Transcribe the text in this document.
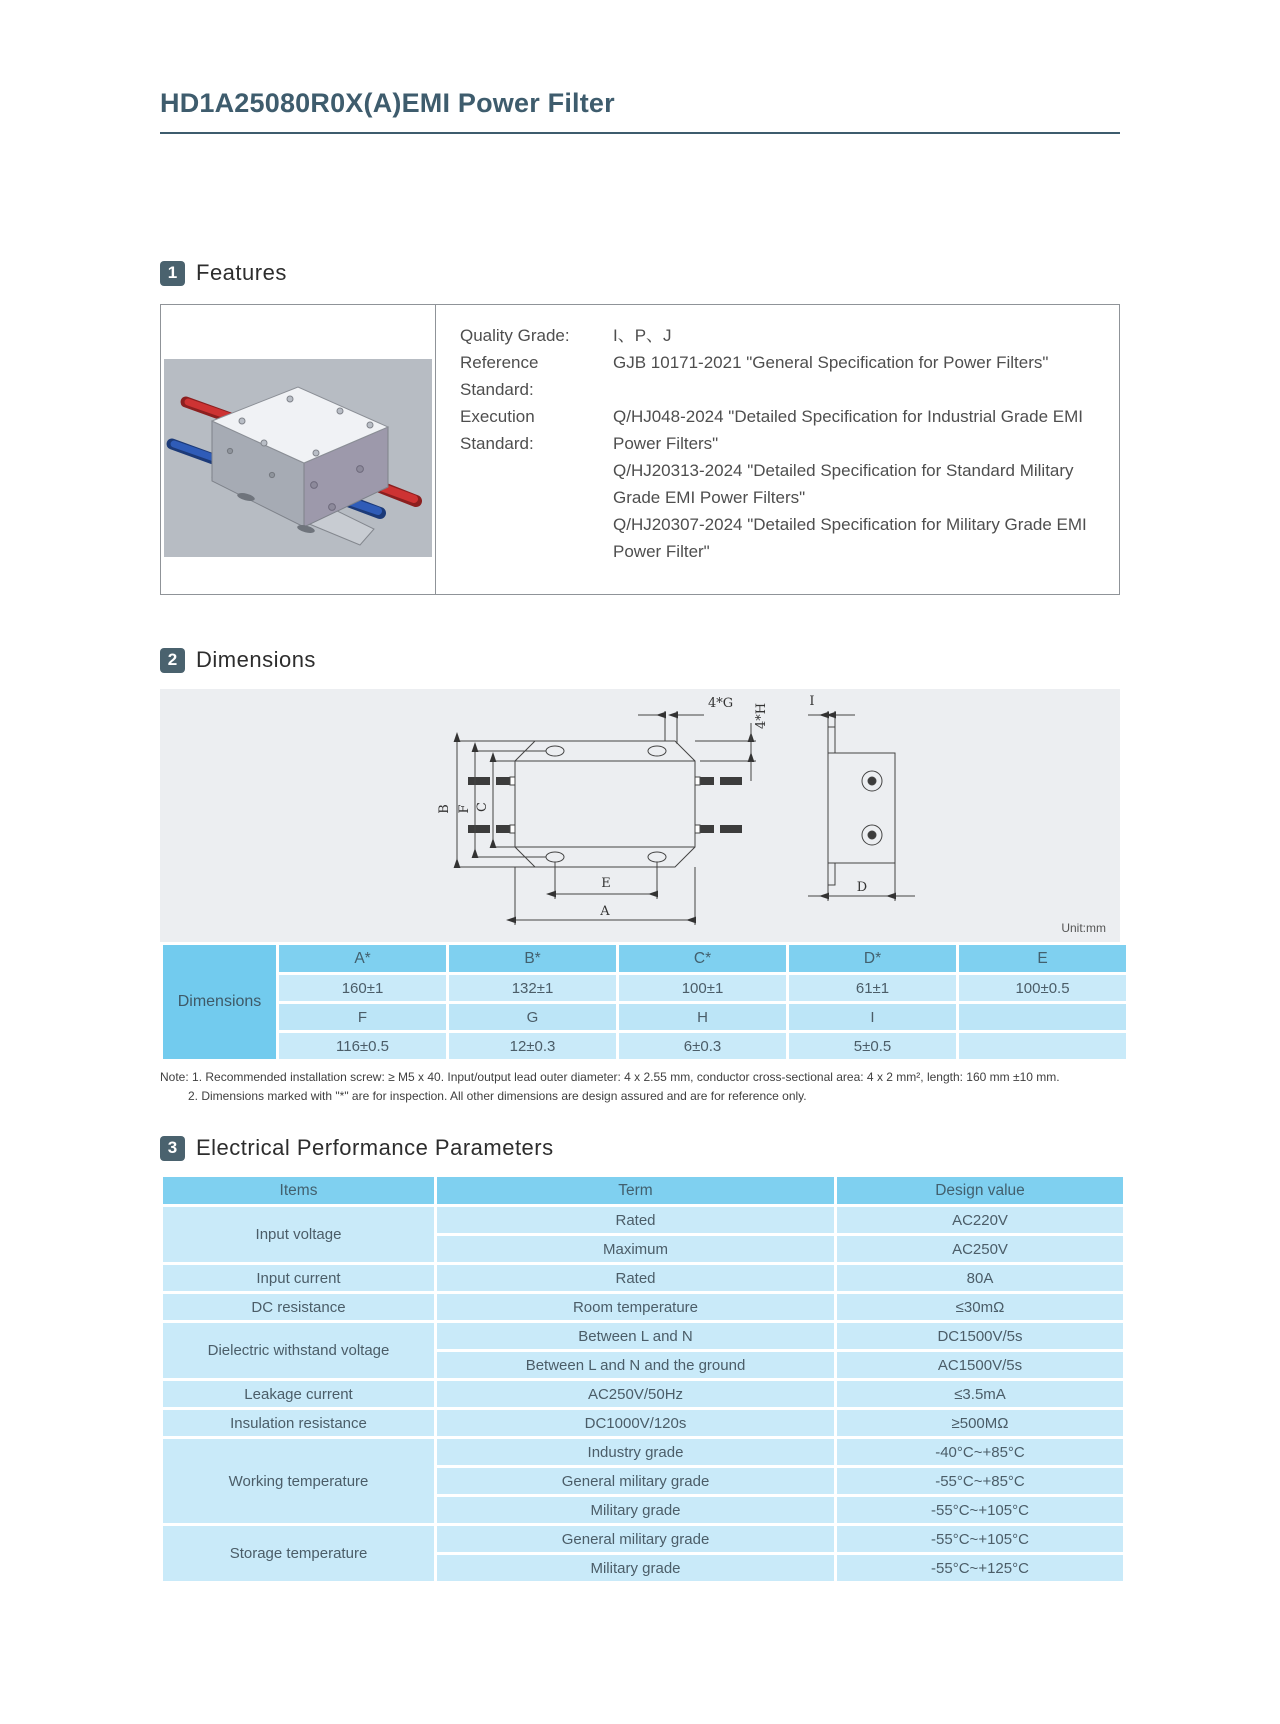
HD1A25080R0X(A)EMI Power Filter
1 Features
Quality Grade:	I、P、J
Reference Standard:
GJB 10171-2021 "General Specification for Power Filters"
Execution Standard:
Q/HJ048-2024 "Detailed Specification for Industrial Grade EMI Power Filters"
Q/HJ20313-2024 "Detailed Specification for Standard Military Grade EMI Power Filters"
Q/HJ20307-2024 "Detailed Specification for Military Grade EMI Power Filter"
2 Dimensions
B F C
4*G 4*H
E
A
I
D
Unit:mm
Dimensions	A*	B*	C*	D*	E
	160±1	132±1	100±1	61±1	100±0.5
	F	G	H	I	
	116±0.5	12±0.3	6±0.3	5±0.5	
Note: 1. Recommended installation screw: ≥ M5 x 40. Input/output lead outer diameter: 4 x 2.55 mm, conductor cross-sectional area: 4 x 2 mm², length: 160 mm ±10 mm.
2. Dimensions marked with "*" are for inspection. All other dimensions are design assured and are for reference only.
3 Electrical Performance Parameters
Items	Term	Design value
Input voltage	Rated	AC220V
	Maximum	AC250V
Input current	Rated	80A
DC resistance	Room temperature	≤30mΩ
Dielectric withstand voltage	Between L and N	DC1500V/5s
	Between L and N and the ground	AC1500V/5s
Leakage current	AC250V/50Hz	≤3.5mA
Insulation resistance	DC1000V/120s	≥500MΩ
Working temperature	Industry grade	-40°C~+85°C
	General military grade	-55°C~+85°C
	Military grade	-55°C~+105°C
Storage temperature	General military grade	-55°C~+105°C
	Military grade	-55°C~+125°C
